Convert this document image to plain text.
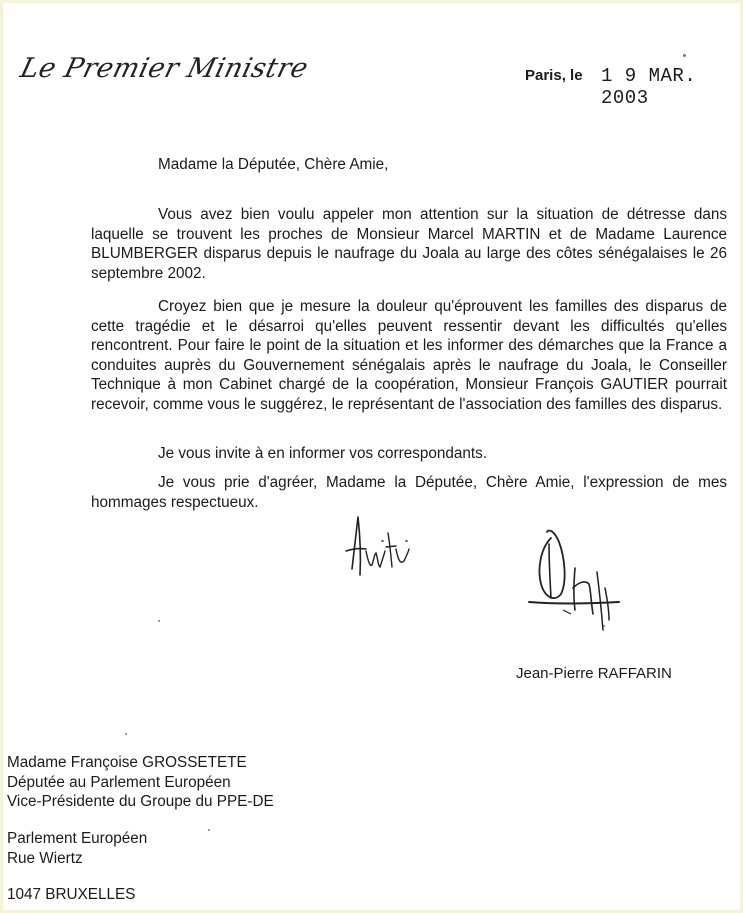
Le Premier Ministre	Paris, le 1 9 MAR. 2003
Madame la Députée, Chère Amie,
Vous avez bien voulu appeler mon attention sur la situation de détresse dans laquelle se trouvent les proches de Monsieur Marcel MARTIN et de Madame Laurence BLUMBERGER disparus depuis le naufrage du Joala au large des côtes sénégalaises le 26 septembre 2002.
Croyez bien que je mesure la douleur qu'éprouvent les familles des disparus de cette tragédie et le désarroi qu'elles peuvent ressentir devant les difficultés qu'elles rencontrent. Pour faire le point de la situation et les informer des démarches que la France a conduites auprès du Gouvernement sénégalais après le naufrage du Joala, le Conseiller Technique à mon Cabinet chargé de la coopération, Monsieur François GAUTIER pourrait recevoir, comme vous le suggérez, le représentant de l'association des familles des disparus.
Je vous invite à en informer vos correspondants.
Je vous prie d'agréer, Madame la Députée, Chère Amie, l'expression de mes hommages respectueux.
Jean-Pierre RAFFARIN
Madame Françoise GROSSETETE
Députée au Parlement Européen
Vice-Présidente du Groupe du PPE-DE
Parlement Européen
Rue Wiertz
1047 BRUXELLES
